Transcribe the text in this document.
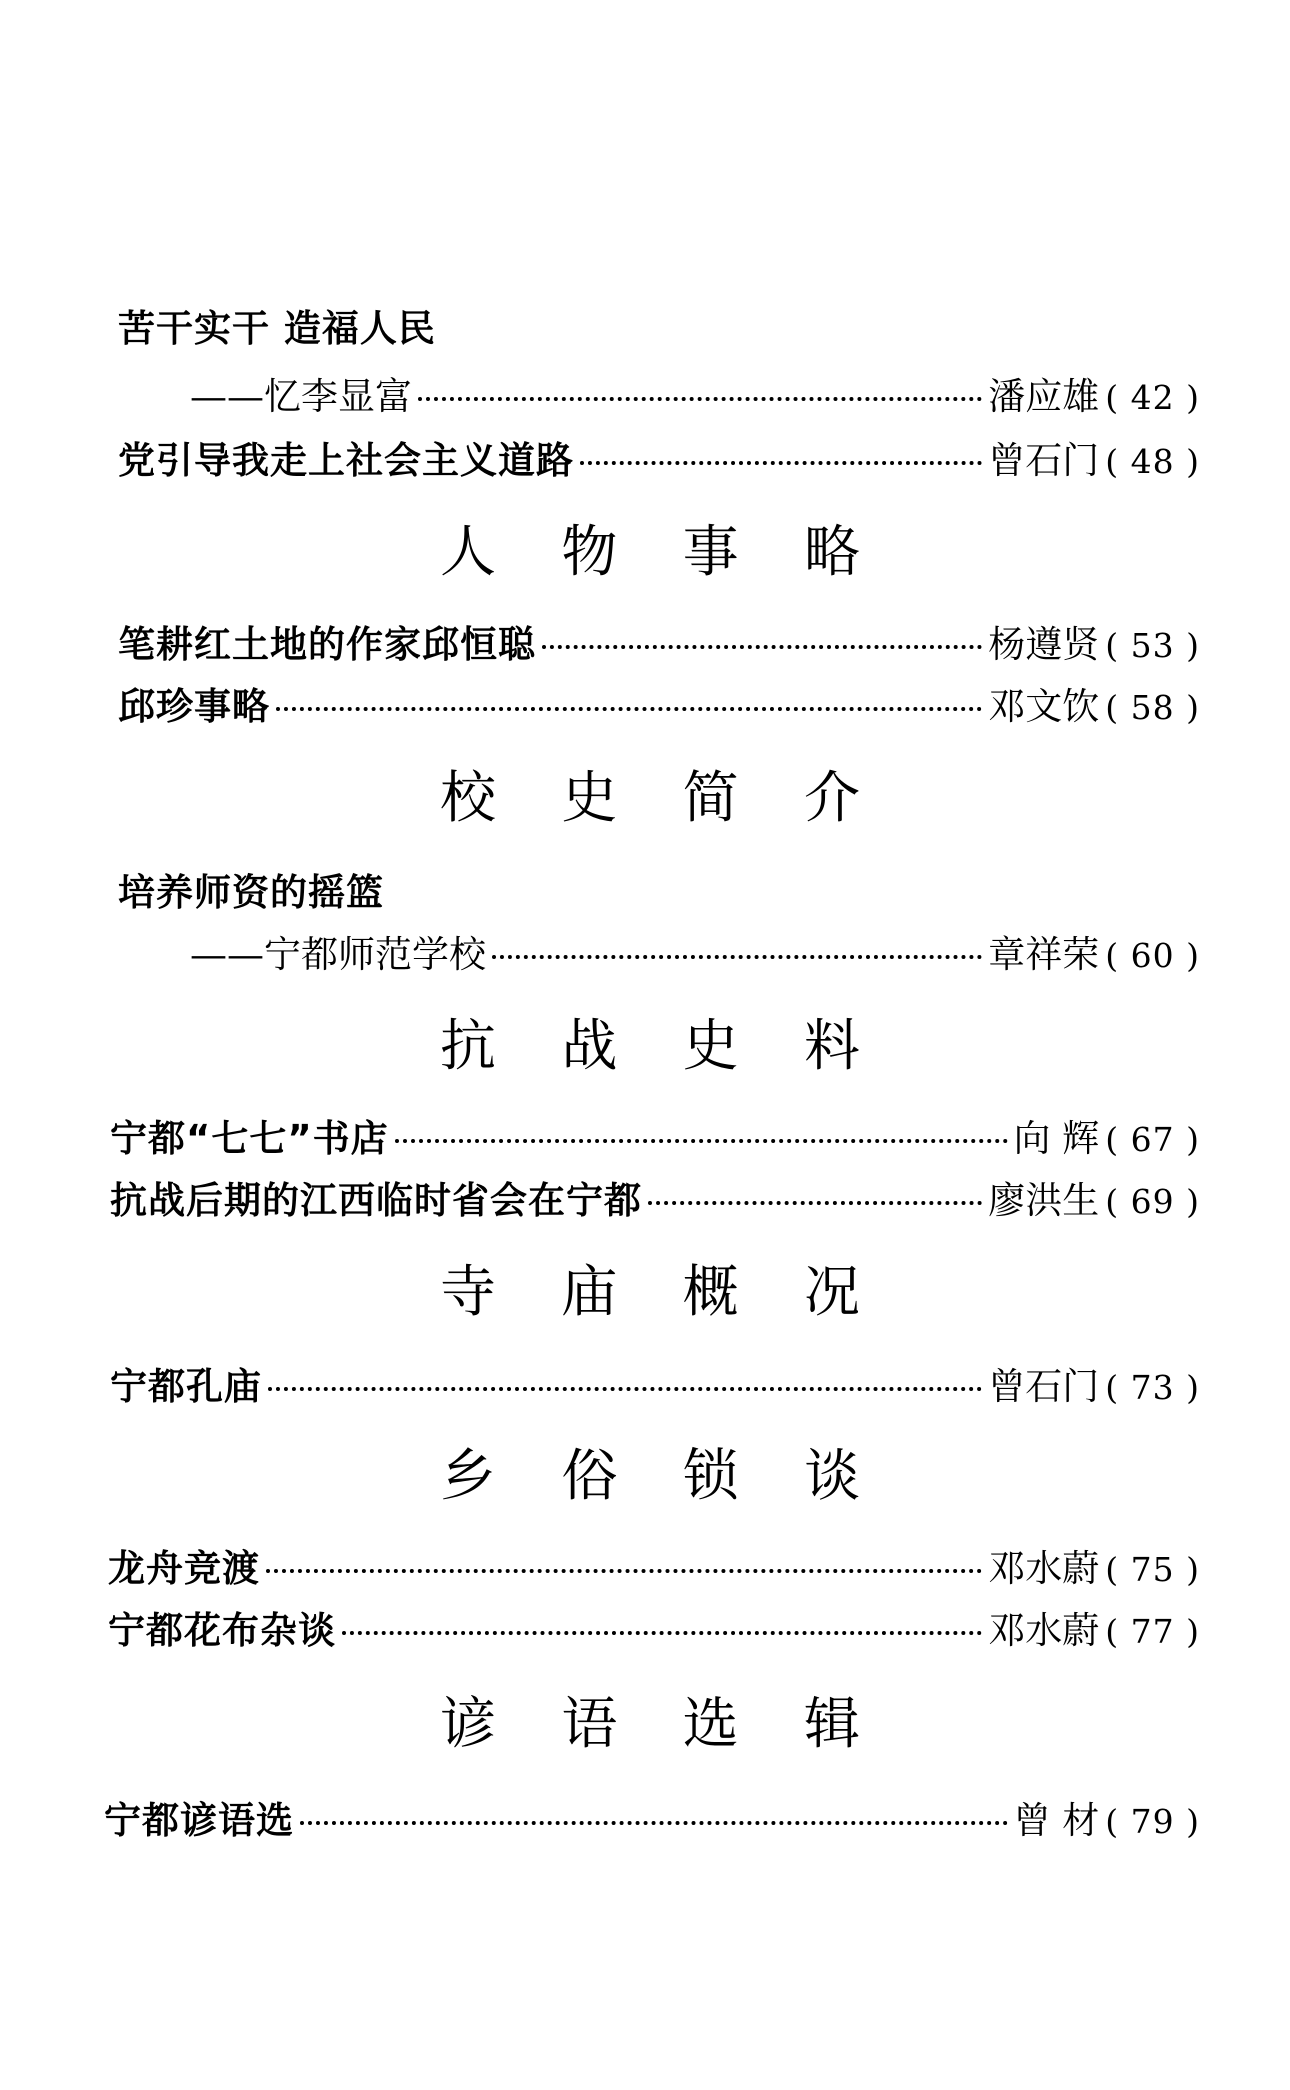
苦干实干 造福人民
——忆李显富	潘应雄 ( 42 )
党引导我走上社会主义道路	曾石门 ( 48 )
人 物 事 略
笔耕红土地的作家邱恒聪	杨遵贤 ( 53 )
邱珍事略	邓文饮 ( 58 )
校 史 简 介
培养师资的摇篮
——宁都师范学校	章祥荣 ( 60 )
抗 战 史 料
宁都“七七”书店	向 辉 ( 67 )
抗战后期的江西临时省会在宁都	廖洪生 ( 69 )
寺 庙 概 况
宁都孔庙	曾石门 ( 73 )
乡 俗 锁 谈
龙舟竞渡	邓水蔚 ( 75 )
宁都花布杂谈	邓水蔚 ( 77 )
谚 语 选 辑
宁都谚语选	曾 材 ( 79 )
